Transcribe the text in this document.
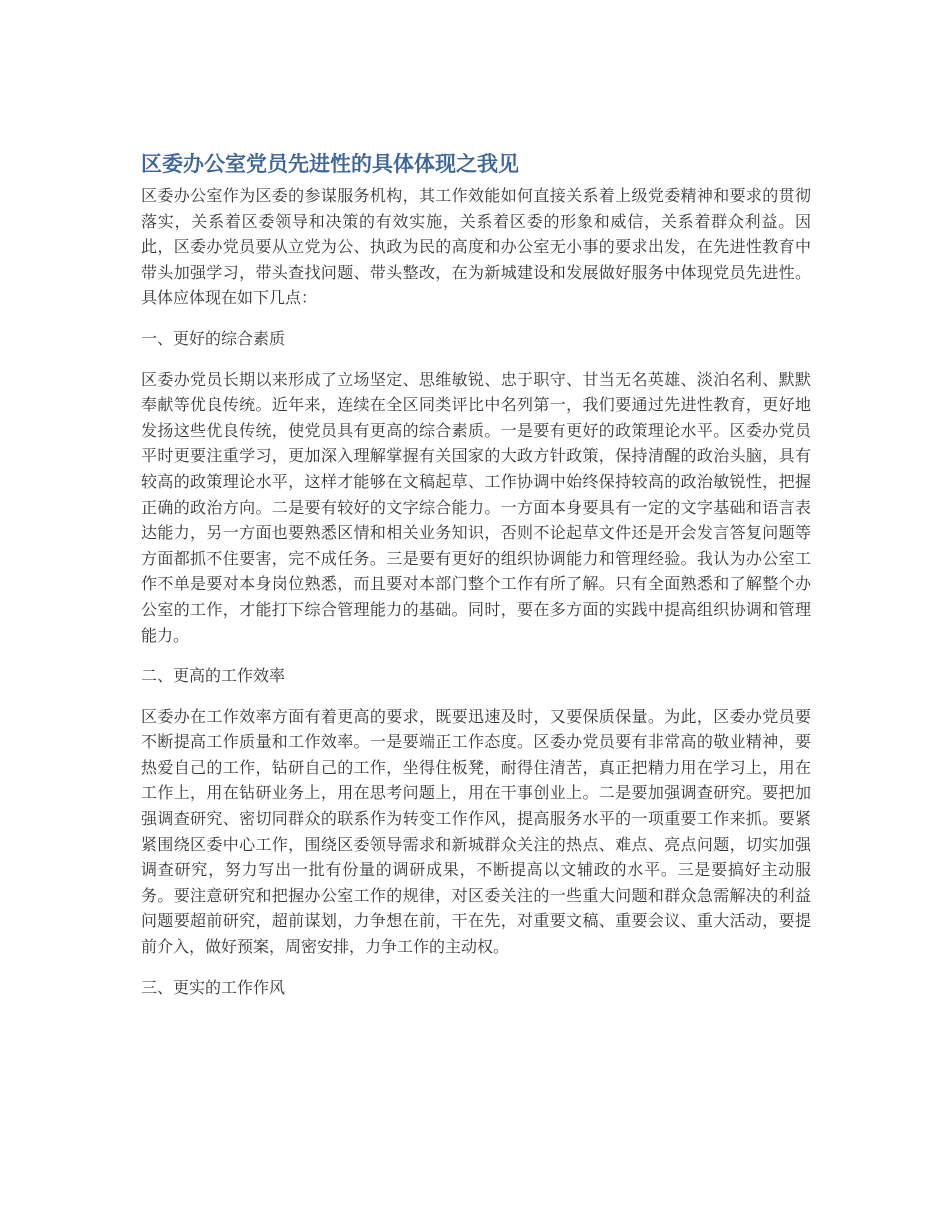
区委办公室党员先进性的具体体现之我见

区委办公室作为区委的参谋服务机构，其工作效能如何直接关系着上级党委精神和要求的贯彻落实，关系着区委领导和决策的有效实施，关系着区委的形象和威信，关系着群众利益。因此，区委办党员要从立党为公、执政为民的高度和办公室无小事的要求出发，在先进性教育中带头加强学习，带头查找问题、带头整改，在为新城建设和发展做好服务中体现党员先进性。具体应体现在如下几点：

一、更好的综合素质

区委办党员长期以来形成了立场坚定、思维敏锐、忠于职守、甘当无名英雄、淡泊名利、默默奉献等优良传统。近年来，连续在全区同类评比中名列第一，我们要通过先进性教育，更好地发扬这些优良传统，使党员具有更高的综合素质。一是要有更好的政策理论水平。区委办党员平时更要注重学习，更加深入理解掌握有关国家的大政方针政策，保持清醒的政治头脑，具有较高的政策理论水平，这样才能够在文稿起草、工作协调中始终保持较高的政治敏锐性，把握正确的政治方向。二是要有较好的文字综合能力。一方面本身要具有一定的文字基础和语言表达能力，另一方面也要熟悉区情和相关业务知识，否则不论起草文件还是开会发言答复问题等方面都抓不住要害，完不成任务。三是要有更好的组织协调能力和管理经验。我认为办公室工作不单是要对本身岗位熟悉，而且要对本部门整个工作有所了解。只有全面熟悉和了解整个办公室的工作，才能打下综合管理能力的基础。同时，要在多方面的实践中提高组织协调和管理能力。

二、更高的工作效率

区委办在工作效率方面有着更高的要求，既要迅速及时，又要保质保量。为此，区委办党员要不断提高工作质量和工作效率。一是要端正工作态度。区委办党员要有非常高的敬业精神，要热爱自己的工作，钻研自己的工作，坐得住板凳，耐得住清苦，真正把精力用在学习上，用在工作上，用在钻研业务上，用在思考问题上，用在干事创业上。二是要加强调查研究。要把加强调查研究、密切同群众的联系作为转变工作作风，提高服务水平的一项重要工作来抓。要紧紧围绕区委中心工作，围绕区委领导需求和新城群众关注的热点、难点、亮点问题，切实加强调查研究，努力写出一批有份量的调研成果，不断提高以文辅政的水平。三是要搞好主动服务。要注意研究和把握办公室工作的规律，对区委关注的一些重大问题和群众急需解决的利益问题要超前研究，超前谋划，力争想在前，干在先，对重要文稿、重要会议、重大活动，要提前介入，做好预案，周密安排，力争工作的主动权。

三、更实的工作作风
